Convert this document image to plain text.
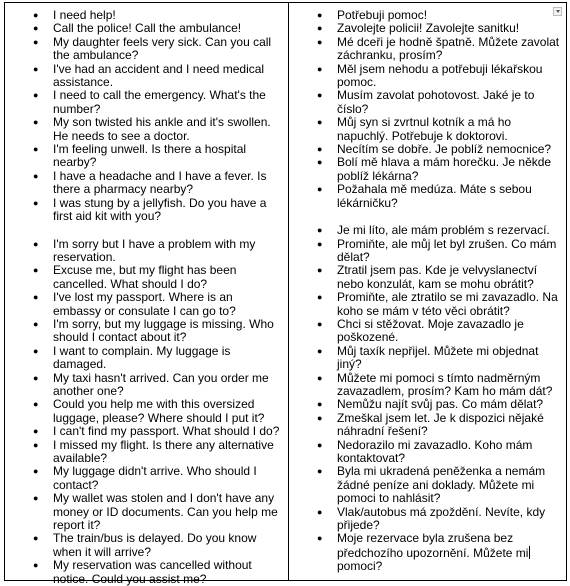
● I need help!
● Call the police! Call the ambulance!
● My daughter feels very sick. Can you call the ambulance?
● I've had an accident and I need medical assistance.
● I need to call the emergency. What's the number?
● My son twisted his ankle and it's swollen. He needs to see a doctor.
● I'm feeling unwell. Is there a hospital nearby?
● I have a headache and I have a fever. Is there a pharmacy nearby?
● I was stung by a jellyfish. Do you have a first aid kit with you?
● I'm sorry but I have a problem with my reservation.
● Excuse me, but my flight has been cancelled. What should I do?
● I've lost my passport. Where is an embassy or consulate I can go to?
● I'm sorry, but my luggage is missing. Who should I contact about it?
● I want to complain. My luggage is damaged.
● My taxi hasn't arrived. Can you order me another one?
● Could you help me with this oversized luggage, please? Where should I put it?
● I can't find my passport. What should I do?
● I missed my flight. Is there any alternative available?
● My luggage didn't arrive. Who should I contact?
● My wallet was stolen and I don't have any money or ID documents. Can you help me report it?
● The train/bus is delayed. Do you know when it will arrive?
● My reservation was cancelled without notice. Could you assist me?
● Potřebuji pomoc!
● Zavolejte policii! Zavolejte sanitku!
● Mé dceři je hodně špatně. Můžete zavolat záchranku, prosím?
● Měl jsem nehodu a potřebuji lékařskou pomoc.
● Musím zavolat pohotovost. Jaké je to číslo?
● Můj syn si zvrtnul kotník a má ho napuchlý. Potřebuje k doktorovi.
● Necítím se dobře. Je poblíž nemocnice?
● Bolí mě hlava a mám horečku. Je někde poblíž lékárna?
● Požahala mě medúza. Máte s sebou lékárničku?
● Je mi líto, ale mám problém s rezervací.
● Promiňte, ale můj let byl zrušen. Co mám dělat?
● Ztratil jsem pas. Kde je velvyslanectví nebo konzulát, kam se mohu obrátit?
● Promiňte, ale ztratilo se mi zavazadlo. Na koho se mám v této věci obrátit?
● Chci si stěžovat. Moje zavazadlo je poškozené.
● Můj taxík nepřijel. Můžete mi objednat jiný?
● Můžete mi pomoci s tímto nadměrným zavazadlem, prosím? Kam ho mám dát?
● Nemůžu najít svůj pas. Co mám dělat?
● Zmeškal jsem let. Je k dispozici nějaké náhradní řešení?
● Nedorazilo mi zavazadlo. Koho mám kontaktovat?
● Byla mi ukradená peněženka a nemám žádné peníze ani doklady. Můžete mi pomoci to nahlásit?
● Vlak/autobus má zpoždění. Nevíte, kdy přijede?
● Moje rezervace byla zrušena bez předchozího upozornění. Můžete mi pomoci?
